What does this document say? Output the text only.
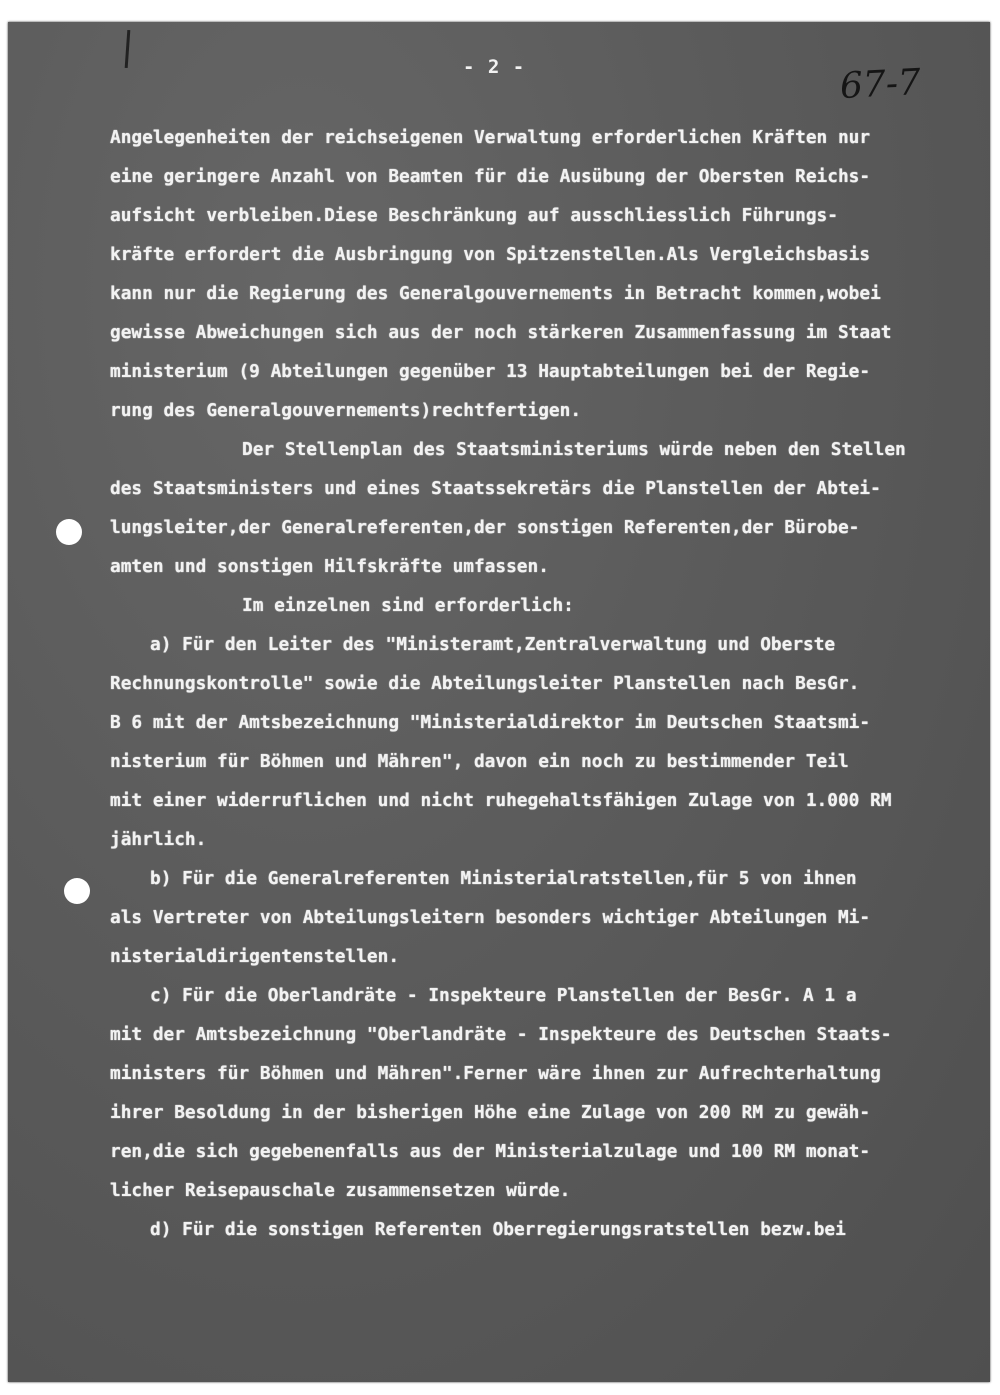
- 2 -	67-7
Angelegenheiten der reichseigenen Verwaltung erforderlichen Kräften nur
eine geringere Anzahl von Beamten für die Ausübung der Obersten Reichs-
aufsicht verbleiben.Diese Beschränkung auf ausschliesslich Führungs-
kräfte erfordert die Ausbringung von Spitzenstellen.Als Vergleichsbasis
kann nur die Regierung des Generalgouvernements in Betracht kommen,wobei
gewisse Abweichungen sich aus der noch stärkeren Zusammenfassung im Staat
ministerium (9 Abteilungen gegenüber 13 Hauptabteilungen bei der Regie-
rung des Generalgouvernements)rechtfertigen.
Der Stellenplan des Staatsministeriums würde neben den Stellen
des Staatsministers und eines Staatssekretärs die Planstellen der Abtei-
lungsleiter,der Generalreferenten,der sonstigen Referenten,der Bürobe-
amten und sonstigen Hilfskräfte umfassen.
Im einzelnen sind erforderlich:
a) Für den Leiter des "Ministeramt,Zentralverwaltung und Oberste
Rechnungskontrolle" sowie die Abteilungsleiter Planstellen nach BesGr.
B 6 mit der Amtsbezeichnung "Ministerialdirektor im Deutschen Staatsmi-
nisterium für Böhmen und Mähren", davon ein noch zu bestimmender Teil
mit einer widerruflichen und nicht ruhegehaltsfähigen Zulage von 1.000 RM
jährlich.
b) Für die Generalreferenten Ministerialratstellen,für 5 von ihnen
als Vertreter von Abteilungsleitern besonders wichtiger Abteilungen Mi-
nisterialdirigentenstellen.
c) Für die Oberlandräte - Inspekteure Planstellen der BesGr. A 1 a
mit der Amtsbezeichnung "Oberlandräte - Inspekteure des Deutschen Staats-
ministers für Böhmen und Mähren".Ferner wäre ihnen zur Aufrechterhaltung
ihrer Besoldung in der bisherigen Höhe eine Zulage von 200 RM zu gewäh-
ren,die sich gegebenenfalls aus der Ministerialzulage und 100 RM monat-
licher Reisepauschale zusammensetzen würde.
d) Für die sonstigen Referenten Oberregierungsratstellen bezw.bei
